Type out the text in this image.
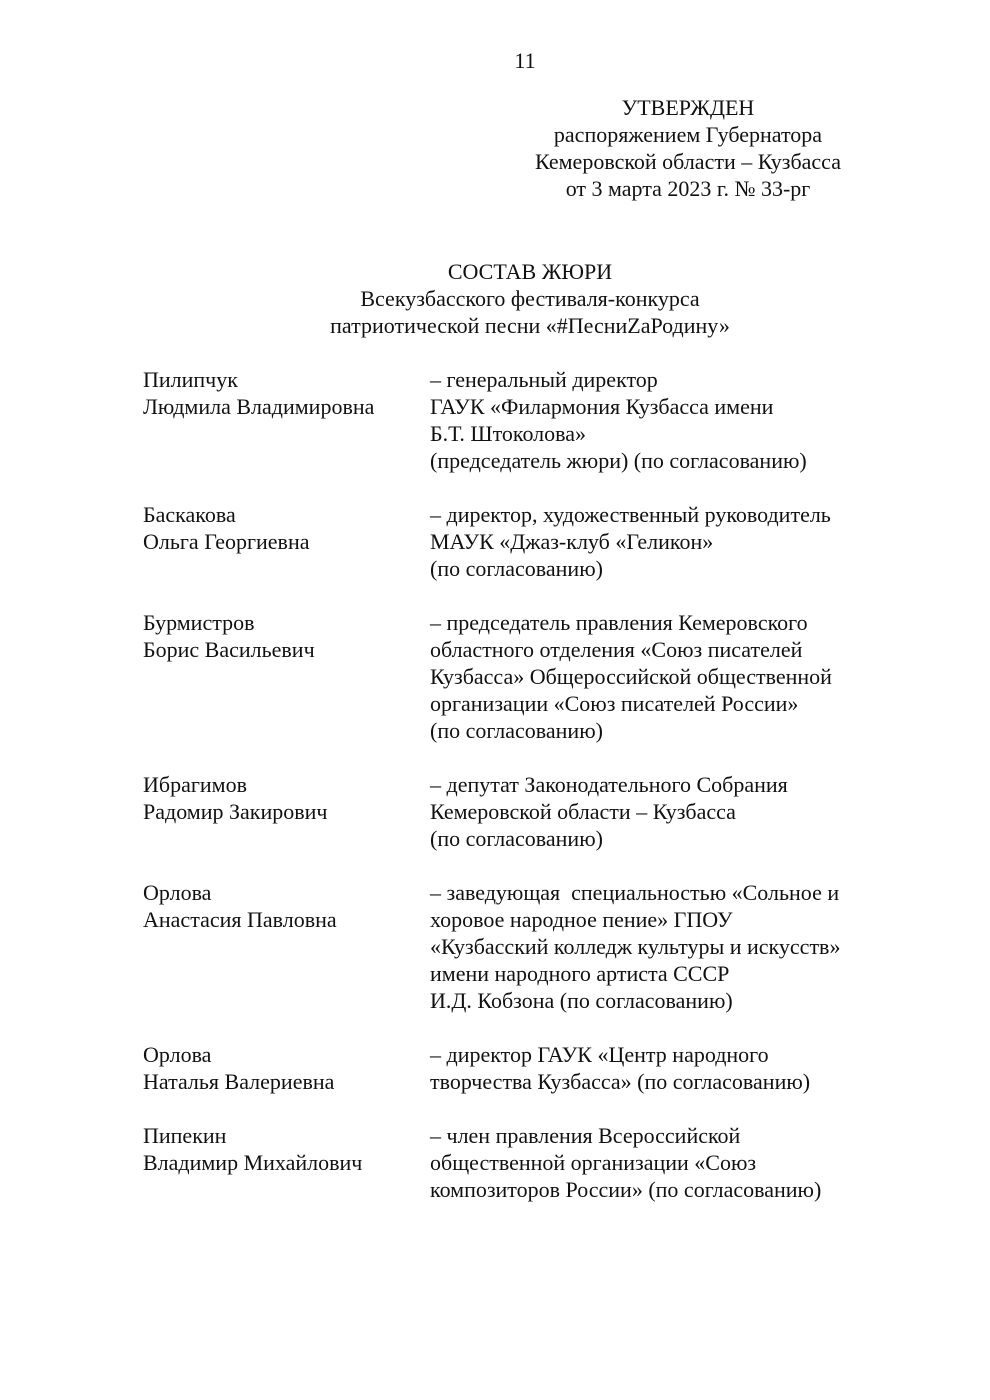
11
УТВЕРЖДЕН
распоряжением Губернатора
Кемеровской области – Кузбасса
от 3 марта 2023 г. № 33-рг
СОСТАВ ЖЮРИ
Всекузбасского фестиваля-конкурса
патриотической песни «#ПесниZaРодину»
Пилипчук
Людмила Владимировна
– генеральный директор
ГАУК «Филармония Кузбасса имени
Б.Т. Штоколова»
(председатель жюри) (по согласованию)
Баскакова
Ольга Георгиевна
– директор, художественный руководитель
МАУК «Джаз-клуб «Геликон»
(по согласованию)
Бурмистров
Борис Васильевич
– председатель правления Кемеровского
областного отделения «Союз писателей
Кузбасса» Общероссийской общественной
организации «Союз писателей России»
(по согласованию)
Ибрагимов
Радомир Закирович
– депутат Законодательного Собрания
Кемеровской области – Кузбасса
(по согласованию)
Орлова
Анастасия Павловна
– заведующая  специальностью «Сольное и
хоровое народное пение» ГПОУ
«Кузбасский колледж культуры и искусств»
имени народного артиста СССР
И.Д. Кобзона (по согласованию)
Орлова
Наталья Валериевна
– директор ГАУК «Центр народного
творчества Кузбасса» (по согласованию)
Пипекин
Владимир Михайлович
– член правления Всероссийской
общественной организации «Союз
композиторов России» (по согласованию)
